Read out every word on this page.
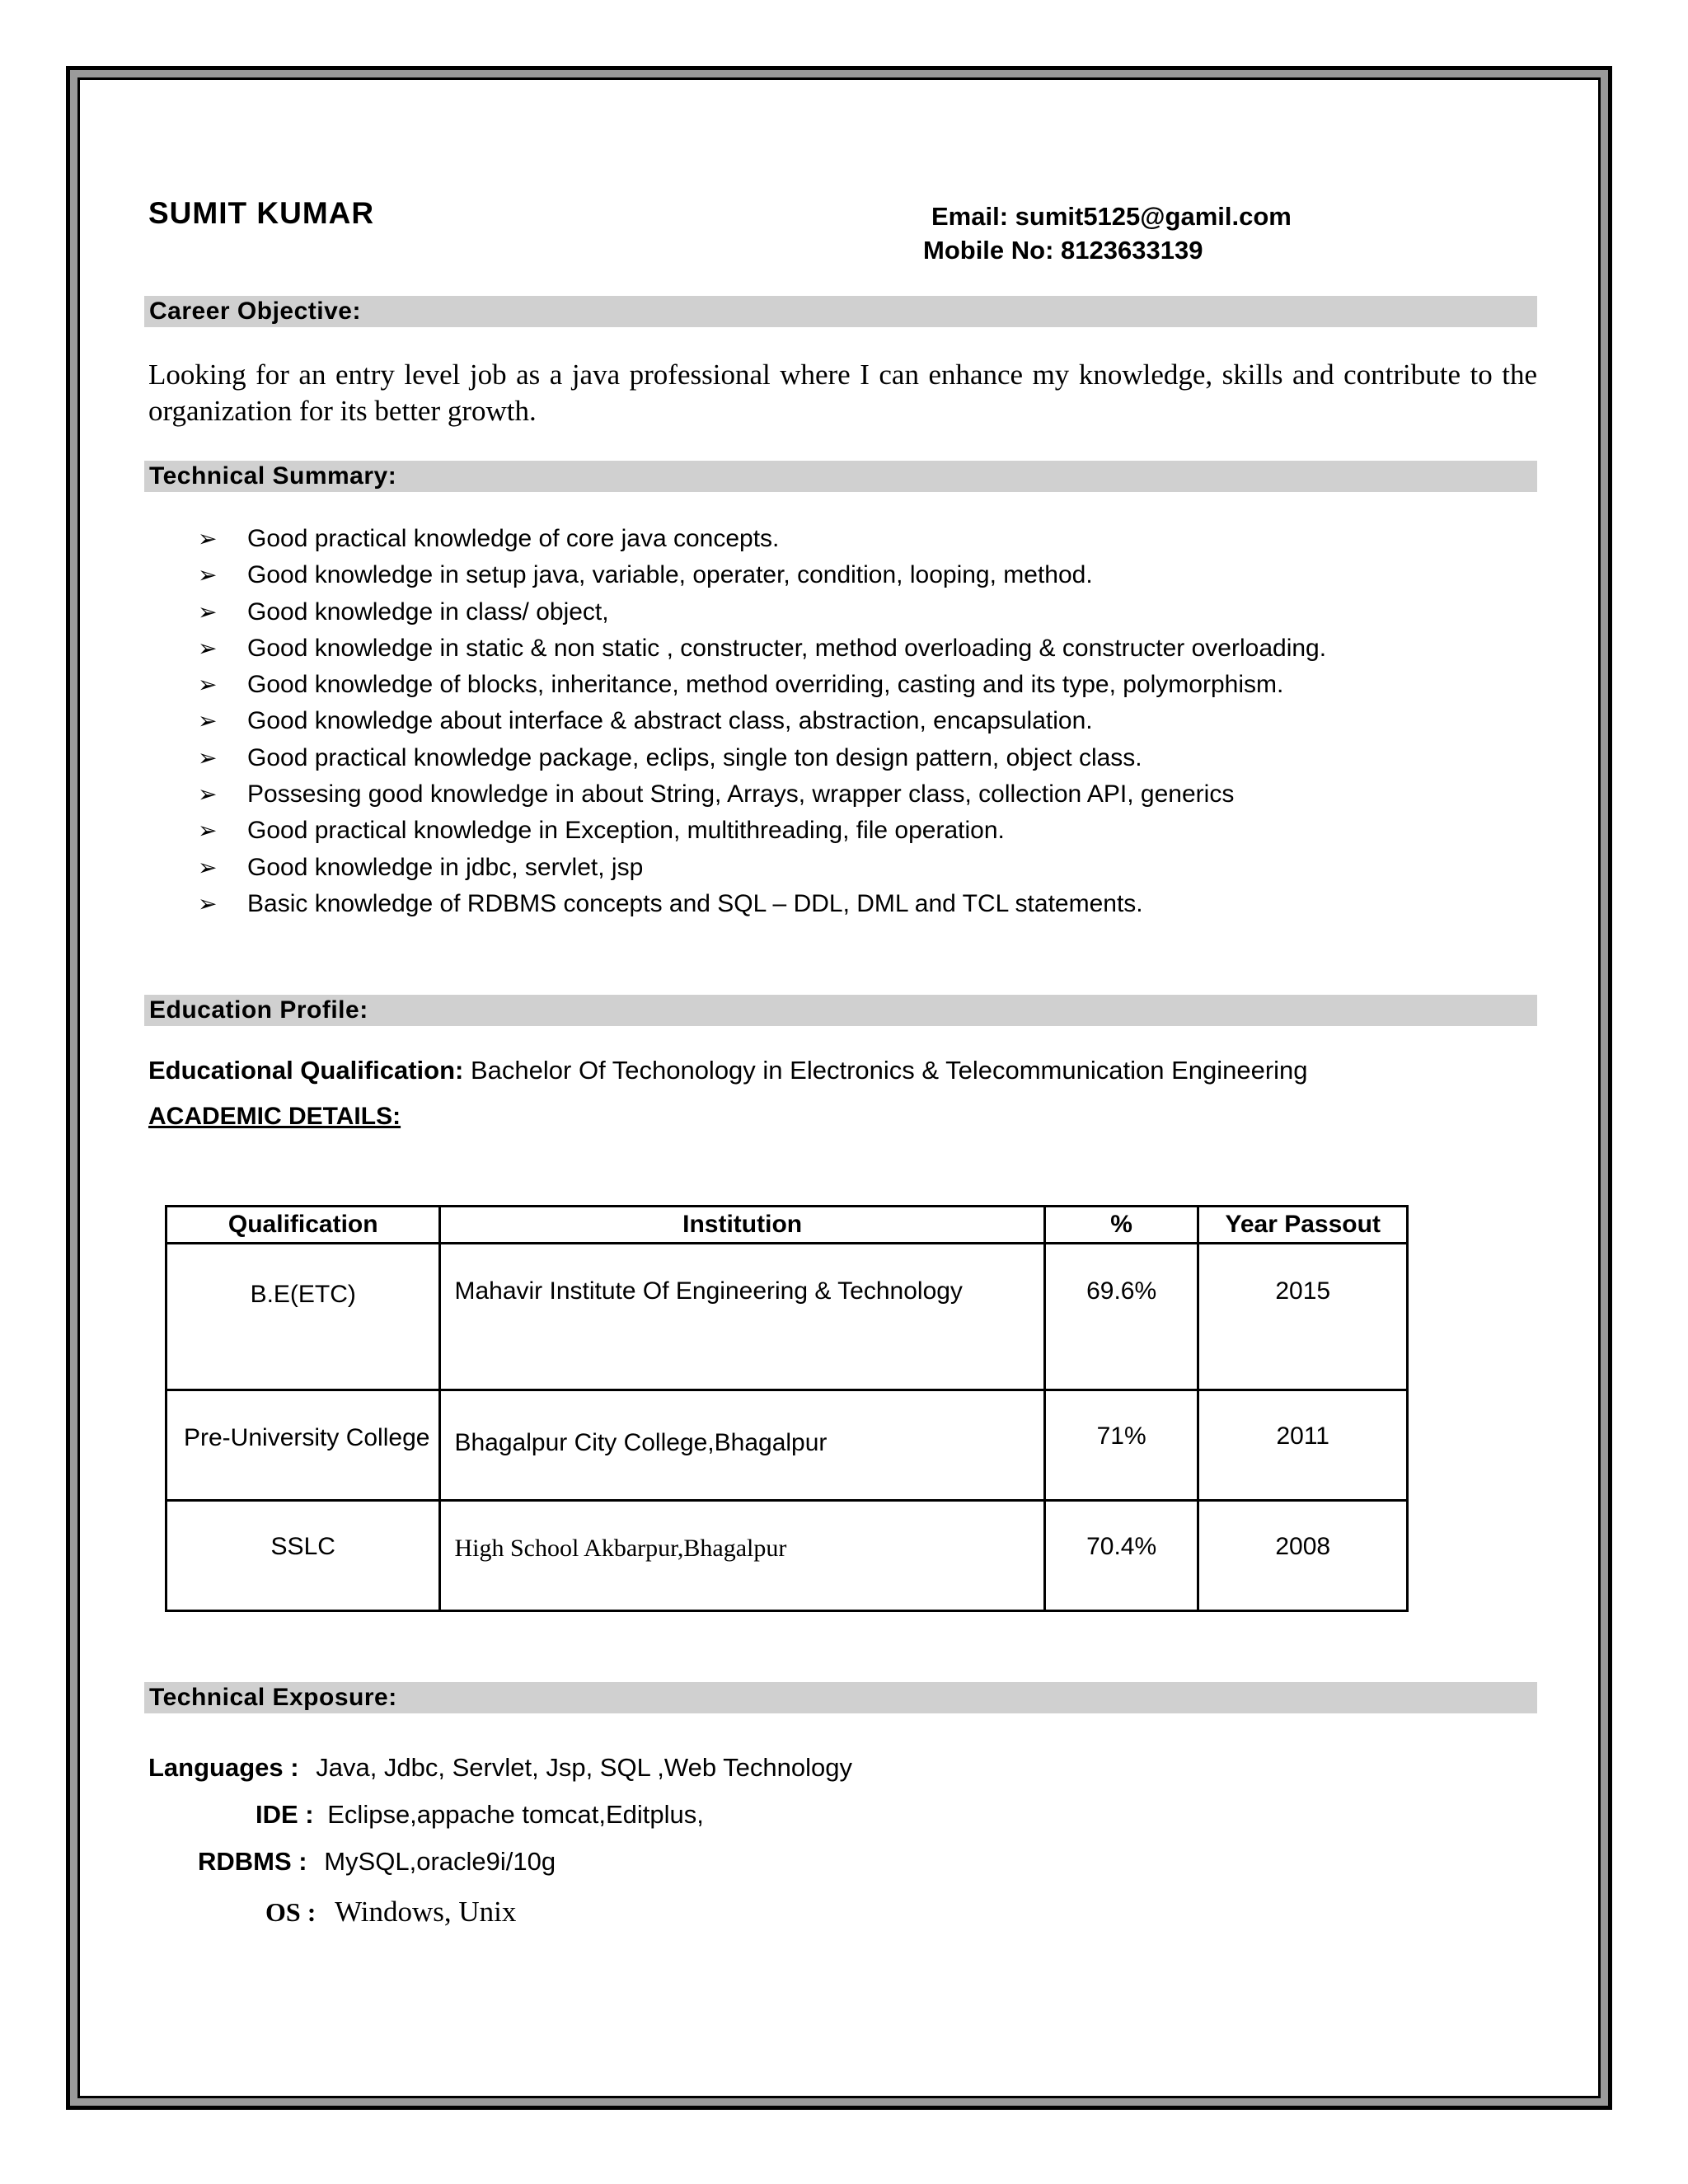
SUMIT KUMAR	Email: sumit5125@gamil.com
Mobile No: 8123633139
Career Objective:
Looking for an entry level job as a java professional where I can enhance my knowledge, skills and contribute to the organization for its better growth.
Technical Summary:
➢ Good practical knowledge of core java concepts.
➢ Good knowledge in setup java, variable, operater, condition, looping, method.
➢ Good knowledge in class/ object,
➢ Good knowledge in static & non static , constructer, method overloading & constructer overloading.
➢ Good knowledge of blocks, inheritance, method overriding, casting and its type, polymorphism.
➢ Good knowledge about interface & abstract class, abstraction, encapsulation.
➢ Good practical knowledge package, eclips, single ton design pattern, object class.
➢ Possesing good knowledge in about String, Arrays, wrapper class, collection API, generics
➢ Good practical knowledge in Exception, multithreading, file operation.
➢ Good knowledge in jdbc, servlet, jsp
➢ Basic knowledge of RDBMS concepts and SQL – DDL, DML and TCL statements.
Education Profile:
Educational Qualification: Bachelor Of Techonology in Electronics & Telecommunication Engineering
ACADEMIC DETAILS:
Qualification	Institution	%	Year Passout
B.E(ETC)	Mahavir Institute Of Engineering & Technology	69.6%	2015
Pre-University College	Bhagalpur City College,Bhagalpur	71%	2011
SSLC	High School Akbarpur,Bhagalpur	70.4%	2008
Technical Exposure:
Languages : Java, Jdbc, Servlet, Jsp, SQL ,Web Technology
IDE : Eclipse,appache tomcat,Editplus,
RDBMS : MySQL,oracle9i/10g
OS : Windows, Unix
